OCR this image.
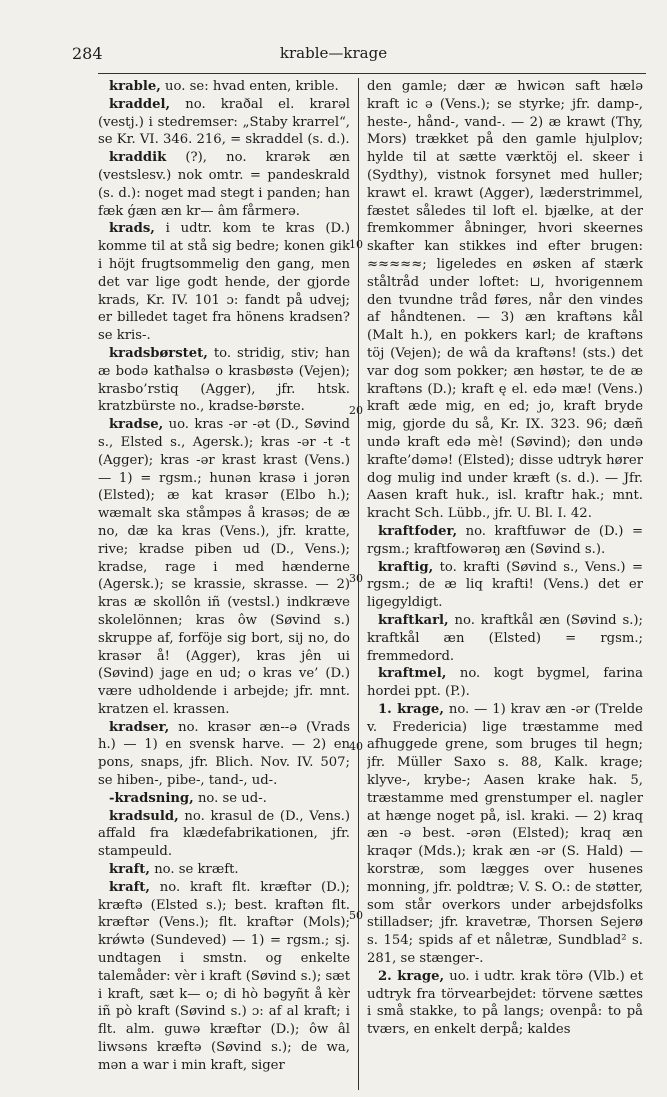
284	krable—krage

krable, uo. se: hvad enten, krible.

kraddel, no. kraðal el. krarəl (vestj.) i stedremser: „Staby krarrel“, se Kr. VI. 346. 216, = skraddel (s. d.).

kraddik (?), no. krarək æn (vestslesv.) nok omtr. = pandeskrald (s. d.): noget mad stegt i panden; han fæk ǵæn æn kr— âm fårmerə.

krads, i udtr. kom te kras (D.) komme til at stå sig bedre; konen gik i höjt frugtsommelig den gang, men det var lige godt hende, der gjorde krads, Kr. IV. 101 ɔ: fandt på udvej; er billedet taget fra hönens kradsen? se kris-.

kradsbørstet, to. stridig, stiv; han æ bodə katħalsə o krasbøstə (Vejen); krasbo’rstiq (Agger), jfr. htsk. kratzbürste no., kradse-børste.

kradse, uo. kras -ər -ət (D., Søvind s., Elsted s., Agersk.); kras -ər -t -t (Agger); kras -ər krast krast (Vens.) — 1) = rgsm.; hunən krasə i jorən (Elsted); æ kat krasər (Elbo h.); wæmalt ska ståmpəs å krasəs; de æ no, dæ ka kras (Vens.), jfr. kratte, rive; kradse piben ud (D., Vens.); kradse, rage i med hænderne (Agersk.); se krassie, skrasse. — 2) kras æ skollôn iñ (vestsl.) indkræve skolelönnen; kras ôw (Søvind s.) skruppe af, forföje sig bort, sij no, do krasər å! (Agger), kras jên ui (Søvind) jage en ud; o kras ve’ (D.) være udholdende i arbejde; jfr. mnt. kratzen el. krassen.

kradser, no. krasər æn--ə (Vrads h.) — 1) en svensk harve. — 2) en pons, snaps, jfr. Blich. Nov. IV. 507; se hiben-, pibe-, tand-, ud-.

-kradsning, no. se ud-.

kradsuld, no. krasul de (D., Vens.) affald fra klædefabrikationen, jfr. stampeuld.

kraft, no. se kræft.

kraft, no. kraft flt. kræftər (D.); kræftə (Elsted s.); best. kraftən flt. kræftər (Vens.); flt. kraftər (Mols); krǿwtə (Sundeved) — 1) = rgsm.; sj. undtagen i smstn. og enkelte talemåder: vèr i kraft (Søvind s.); sæt i kraft, sæt k— o; di hò bəgyñt å kèr iñ pò kraft (Søvind s.) ɔ: af al kraft; i flt. alm. guwə kræftər (D.); ôw âl liwsəns kræftə (Søvind s.); de wa, mən a war i min kraft, siger

den gamle; dær æ hwicən saft hælə kraft ic ə (Vens.); se styrke; jfr. damp-, heste-, hånd-, vand-. — 2) æ krawt (Thy, Mors) trækket på den gamle hjulplov; hylde til at sætte værktöj el. skeer i (Sydthy), vistnok forsynet med huller; krawt el. krawt (Agger), læderstrimmel, fæstet således til loft el. bjælke, at der fremkommer åbninger, hvori skeernes skafter kan stikkes ind efter brugen: ≈≈≈≈≈; ligeledes en øsken af stærk ståltråd under loftet: ⊔, hvorigennem den tvundne tråd føres, når den vindes af håndtenen. — 3) æn kraftəns kål (Malt h.), en pokkers karl; de kraftəns töj (Vejen); de wâ da kraftəns! (sts.) det var dog som pokker; æn høstər, te de æ kraftəns (D.); kraft ę el. edə mæ! (Vens.) kraft æde mig, en ed; jo, kraft bryde mig, gjorde du så, Kr. IX. 323. 96; dæñ undə kraft edə mè! (Søvind); dən undə krafte’dəmə! (Elsted); disse udtryk hører dog mulig ind under kræft (s. d.). — Jfr. Aasen kraft huk., isl. kraftr hak.; mnt. kracht Sch. Lübb., jfr. U. Bl. I. 42.

kraftfoder, no. kraftfuwər de (D.) = rgsm.; kraftfowərəŋ æn (Søvind s.).

kraftig, to. krafti (Søvind s., Vens.) = rgsm.; de æ liq krafti! (Vens.) det er ligegyldigt.

kraftkarl, no. kraftkål æn (Søvind s.); kraftkål æn (Elsted) = rgsm.; fremmedord.

kraftmel, no. kogt bygmel, farina hordei ppt. (P.).

1. krage, no. — 1) krav æn -ər (Trelde v. Fredericia) lige træstamme med afhuggede grene, som bruges til hegn; jfr. Müller Saxo s. 88, Kalk. krage; klyve-, krybe-; Aasen krake hak. 5, træstamme med grenstumper el. nagler at hænge noget på, isl. kraki. — 2) kraq æn -ə best. -ərən (Elsted); kraq æn kraqər (Mds.); krak æn -ər (S. Hald) — korstræ, som lægges over husenes monning, jfr. poldtræ; V. S. O.: de støtter, som står overkors under arbejdsfolks stilladser; jfr. kravetræ, Thorsen Sejerø s. 154; spids af et nåletræ, Sundblad² s. 281, se stænger-.

2. krage, uo. i udtr. krak törə (Vlb.) et udtryk fra törvearbejdet: törvene sættes i små stakke, to på langs; ovenpå: to på tværs, en enkelt derpå; kaldes

10
20
30
40
50
